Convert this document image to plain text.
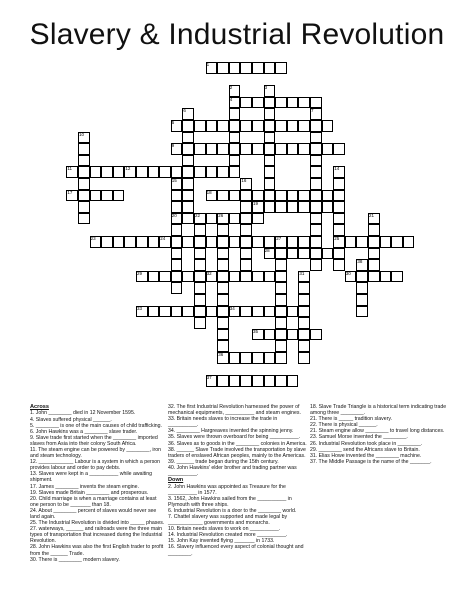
Slavery & Industrial Revolution
1
2	3
4
5
6	7
9
10
11	12	14
15	16
17	18
19
20	22	21
23	24	25
26
27
28
29	30
31
32
33	34
35
36
37
38
Across

1. John ________ died in 12 November 1595.

4. Slaves suffered physical ______.

5. ________ is one of the main causes of child trafficking.

6. John Hawkins was a ________ slave trader.

9. Slave trade first started when the ________ imported slaves from Asia into their colony South Africa.

11. The steam engine can be powered by ________, iron and steam technology.

12. ____________ Labour is a system in which a person provides labour and order to pay debts.

13. Slaves were kept in a __________ while awaiting shipment.

17. James ________ invents the steam engine.

19. Slaves made Britain ________ and prosperous.

20. Child marriage is when a marriage contains at least one person to be _______ than 18.

24. About ________ percent of slaves would never see land again.

25. The Industrial Revolution is divided into _____ phases.

27. waterways, ______ and railroads were the three main types of transportation that increased during the Industrial Revolution.

28. John Hawkins was also the first English trader to profit from the ______ Trade.

30. There is ________ modern slavery.

32. The first Industrial Revolution harnessed the power of mechanical equipments, __________ and steam engines.

33. Britain needs slaves to increase the trade in __________.

34. ________ Hargreaves invented the spinning jenny.

35. Slaves were thrown overboard for being __________.

36. Slaves as to goods in the ________ colonies in America.

38. ______ Slave Trade involved the transportation by slave traders of enslaved African peoples, mainly to the Americas.

39. ______ trade began during the 15th century.

40. John Hawkins' elder brother and trading partner was __________.

Down

2. John Hawkins was appointed as Treasure for the __________ in 1577.

3. 1562, John Hawkins sailed from the __________ in Plymouth with three ships.

6. Industrial Revolution is a door to the ________ world.

7. Chattel slavery was supported and made legal by ____________ governments and monarchs.

10. Britain needs slaves to work on __________.

14. Industrial Revolution created more __________.

15. John Kay invented flying _______ in 1733.

16. Slavery influenced every aspect of colonial thought and ________.

18. Slave Trade Triangle is a historical term indicating trade among three ________.

21. There is _____ tradition slavery.

22. There is physical ______.

21. Steam engine allow ________ to travel long distances.

23. Samuel Morse invented the ________.

26. Industrial Revolution took place in ________.

29. ________ send the Africans slave to Britain.

31. Elias Howe invented the ________ machine.

37. The Middle Passage is the name of the _______.
